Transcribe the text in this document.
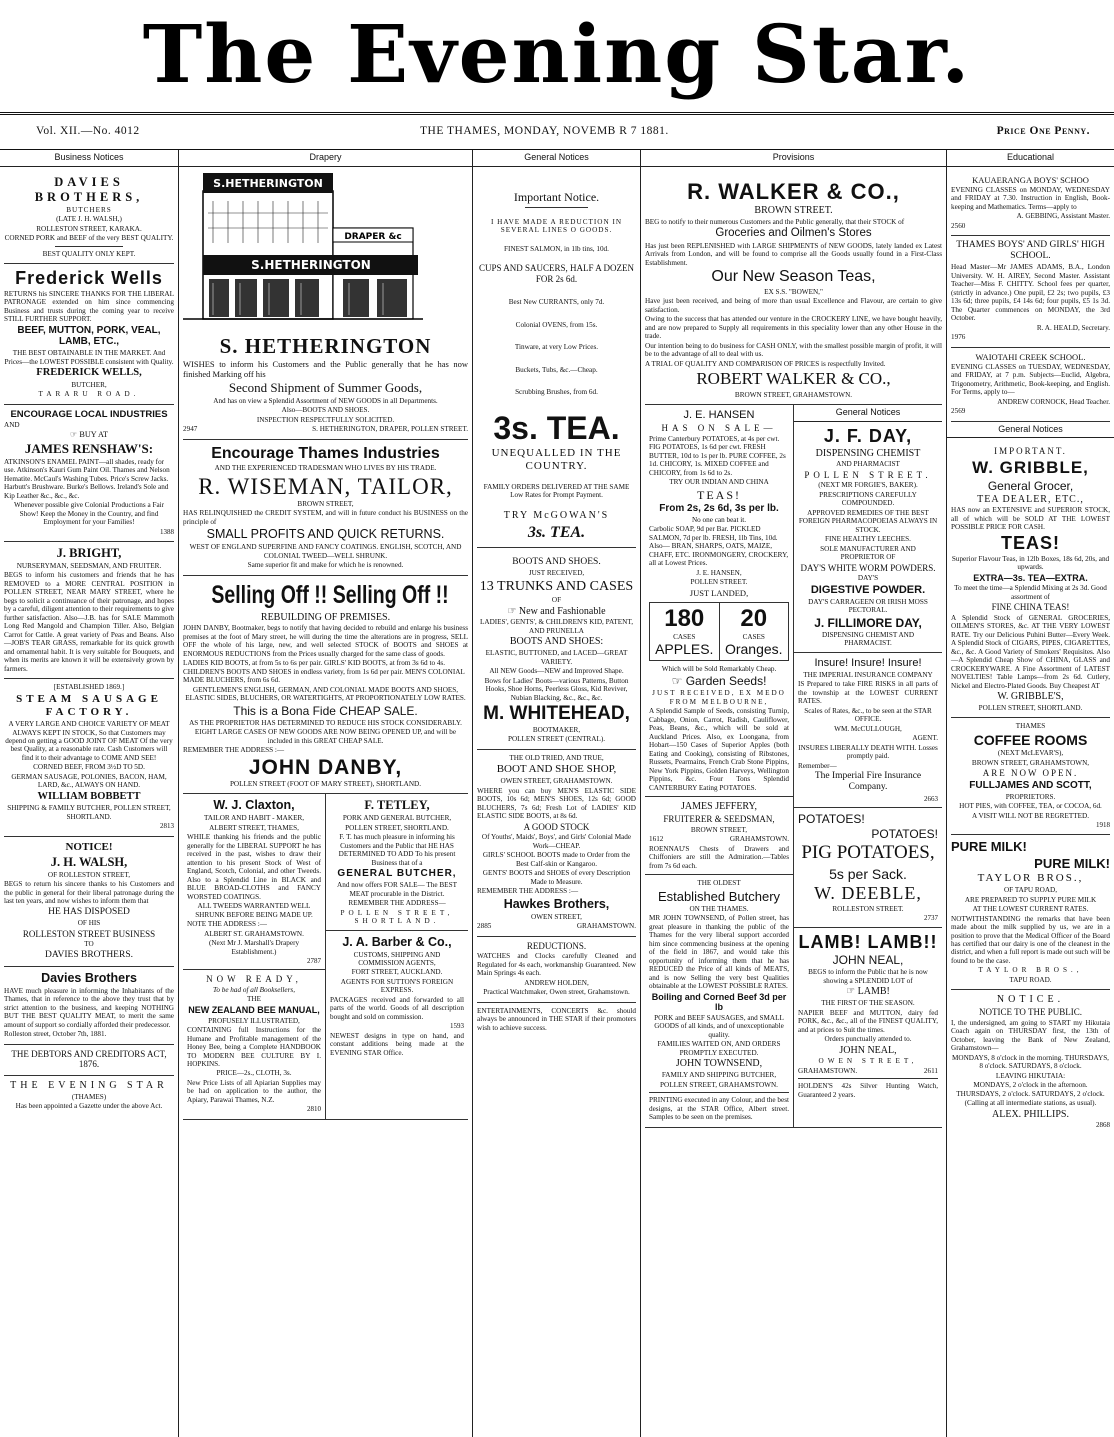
The Evening Star.
Vol. XII.—No. 4012	THE THAMES, MONDAY, NOVEMB R 7 1881.	Price One Penny.
Business Notices

DAVIES BROTHERS,

BUTCHERS

(LATE J. H. WALSH,)

ROLLESTON STREET, KARAKA.

CORNED PORK and BEEF of the very BEST QUALITY.

BEST QUALITY ONLY KEPT.

Frederick Wells

RETURNS his SINCERE THANKS FOR THE LIBERAL PATRONAGE extended on him since commencing Business and trusts during the coming year to receive STILL FURTHER SUPPORT.

BEEF, MUTTON, PORK, VEAL, LAMB, ETC.,

THE BEST OBTAINABLE IN THE MARKET. And Prices—the LOWEST POSSIBLE consistent with Quality.

FREDERICK WELLS,

BUTCHER,

TARARU ROAD.

ENCOURAGE LOCAL INDUSTRIES

AND

☞ BUY AT

JAMES RENSHAW'S:

ATKINSON'S ENAMEL PAINT—all shades, ready for use. Atkinson's Kauri Gum Paint Oil. Thames and Nelson Hematite. McCaul's Washing Tubes. Price's Screw Jacks. Harbutt's Brushware. Burke's Bellows. Ireland's Sole and Kip Leather &c., &c., &c.

Whenever possible give Colonial Productions a Fair Show! Keep the Money in the Country, and find Employment for your Families!

1388

J. BRIGHT,

NURSERYMAN, SEEDSMAN, AND FRUITER.

BEGS to inform his customers and friends that he has REMOVED to a MORE CENTRAL POSITION in POLLEN STREET, NEAR MARY STREET, where he begs to solicit a continuance of their patronage, and hopes by a careful, diligent attention to their requirements to give further satisfaction. Also—J.B. has for SALE Mammoth Long Red Mangold and Champion Tiller. Also, Belgian Carrot for Cattle. A great variety of Peas and Beans. Also—JOB'S TEAR GRASS, remarkable for its quick growth and ornamental habit. It is very suitable for Bouquets, and when its merits are known it will be extensively grown by farmers.

[ESTABLISHED 1869.]

STEAM SAUSAGE FACTORY.

A VERY LARGE AND CHOICE VARIETY OF MEAT ALWAYS KEPT IN STOCK, So that Customers may depend on getting a GOOD JOINT OF MEAT Of the very best Quality, at a reasonable rate. Cash Customers will find it to their advantage to COME AND SEE!

CORNED BEEF, FROM 3½D TO 5D.

GERMAN SAUSAGE, POLONIES, BACON, HAM, LARD, &c., ALWAYS ON HAND.

WILLIAM BOBBETT

SHIPPING & FAMILY BUTCHER, POLLEN STREET, SHORTLAND.

2813

NOTICE!

J. H. WALSH,

OF ROLLESTON STREET,

BEGS to return his sincere thanks to his Customers and the public in general for their liberal patronage during the last ten years, and now wishes to inform them that

HE HAS DISPOSED

OF HIS

ROLLESTON STREET BUSINESS

TO

DAVIES BROTHERS.

Davies Brothers

HAVE much pleasure in informing the Inhabitants of the Thames, that in reference to the above they trust that by strict attention to the business, and keeping NOTHING BUT THE BEST QUALITY MEAT, to merit the same amount of support so cordially afforded their predecessor.

Rolleston street, October 7th, 1881.

THE DEBTORS AND CREDITORS ACT, 1876.

THE EVENING STAR

(THAMES)

Has been appointed a Gazette under the above Act.

Drapery
S.HETHERINGTON
DRAPER &c
S.HETHERINGTON

S. HETHERINGTON

WISHES to inform his Customers and the Public generally that he has now finished Marking off his

Second Shipment of Summer Goods,

And has on view a Splendid Assortment of NEW GOODS in all Departments.

Also—BOOTS AND SHOES.

INSPECTION RESPECTFULLY SOLICITED.

2947	S. HETHERINGTON, DRAPER, POLLEN STREET.

Encourage Thames Industries

AND THE EXPERIENCED TRADESMAN WHO LIVES BY HIS TRADE.

R. WISEMAN, TAILOR,

BROWN STREET,

HAS RELINQUISHED the CREDIT SYSTEM, and will in future conduct his BUSINESS on the principle of

SMALL PROFITS AND QUICK RETURNS.

WEST OF ENGLAND SUPERFINE AND FANCY COATINGS. ENGLISH, SCOTCH, AND COLONIAL TWEED—WELL SHRUNK.

Same superior fit and make for which he is renowned.

Selling Off !! Selling Off !!

REBUILDING OF PREMISES.

JOHN DANBY, Bootmaker, begs to notify that having decided to rebuild and enlarge his business premises at the foot of Mary street, he will during the time the alterations are in progress, SELL OFF the whole of his large, new, and well selected STOCK of BOOTS and SHOES at ENORMOUS REDUCTIONS from the Prices usually charged for the same class of goods.

LADIES KID BOOTS, at from 5s to 6s per pair. GIRLS' KID BOOTS, at from 3s 6d to 4s. CHILDREN'S BOOTS AND SHOES in endless variety, from 1s 6d per pair. MEN'S COLONIAL MADE BLUCHERS, from 6s 6d.

GENTLEMEN'S ENGLISH, GERMAN, AND COLONIAL MADE BOOTS AND SHOES, ELASTIC SIDES, BLUCHERS, OR WATERTIGHTS, AT PROPORTIONATELY LOW RATES.

This is a Bona Fide CHEAP SALE.

AS THE PROPRIETOR HAS DETERMINED TO REDUCE HIS STOCK CONSIDERABLY.

EIGHT LARGE CASES OF NEW GOODS ARE NOW BEING OPENED UP, and will be included in this GREAT CHEAP SALE.

REMEMBER THE ADDRESS :—

JOHN DANBY,

POLLEN STREET (FOOT OF MARY STREET), SHORTLAND.

W. J. Claxton,

TAILOR AND HABIT - MAKER,

ALBERT STREET, THAMES,

WHILE thanking his friends and the public generally for the LIBERAL SUPPORT he has received in the past, wishes to draw their attention to his present Stock of West of England, Scotch, Colonial, and other Tweeds. Also to a Splendid Line in BLACK and BLUE BROAD-CLOTHS and FANCY WORSTED COATINGS.

ALL TWEEDS WARRANTED WELL SHRUNK BEFORE BEING MADE UP.

NOTE THE ADDRESS :—

ALBERT ST. GRAHAMSTOWN.

(Next Mr J. Marshall's Drapery Establishment.)

2787

NOW READY,

To be had of all Booksellers,

THE

NEW ZEALAND BEE MANUAL,

PROFUSELY ILLUSTRATED,

CONTAINING full Instructions for the Humane and Profitable management of the Honey Bee, being a Complete HANDBOOK TO MODERN BEE CULTURE BY I. HOPKINS.

PRICE—2s., CLOTH, 3s.

New Price Lists of all Apiarian Supplies may be had on application to the author, the Apiary, Parawai Thames, N.Z.

2810

F. TETLEY,

PORK AND GENERAL BUTCHER,

POLLEN STREET, SHORTLAND.

F. T. has much pleasure in informing his Customers and the Public that HE HAS DETERMINED TO ADD To his present Business that of a

GENERAL BUTCHER,

And now offers FOR SALE— The BEST MEAT procurable in the District.

REMEMBER THE ADDRESS—

POLLEN STREET, SHORTLAND.

J. A. Barber & Co.,

CUSTOMS, SHIPPING AND COMMISSION AGENTS,

FORT STREET, AUCKLAND.

AGENTS FOR SUTTON'S FOREIGN EXPRESS.

PACKAGES received and forwarded to all parts of the world. Goods of all description bought and sold on commission.

1593

NEWEST designs in type on hand, and constant additions being made at the EVENING STAR Office.

General Notices

Important Notice.

I HAVE MADE A REDUCTION IN SEVERAL LINES O GOODS.

FINEST SALMON, in 1lb tins, 10d.

CUPS AND SAUCERS, HALF A DOZEN FOR 2s 6d.

Best New CURRANTS, only 7d.

Colonial OVENS, from 15s.

Tinware, at very Low Prices.

Buckets, Tubs, &c.—Cheap.

Scrubbing Brushes, from 6d.

3s. TEA.

UNEQUALLED IN THE COUNTRY.

FAMILY ORDERS DELIVERED AT THE SAME Low Rates for Prompt Payment.

TRY McGOWAN'S

3s. TEA.

BOOTS AND SHOES.

JUST RECEIVED,

13 TRUNKS AND CASES

OF

☞ New and Fashionable

LADIES', GENTS', & CHILDREN'S KID, PATENT, AND PRUNELLA

BOOTS AND SHOES:

ELASTIC, BUTTONED, and LACED—GREAT VARIETY.

All NEW Goods—NEW and Improved Shape.

Bows for Ladies' Boots—various Patterns, Button Hooks, Shoe Horns, Peerless Gloss, Kid Reviver, Nubian Blacking, &c., &c., &c.

M. WHITEHEAD,

BOOTMAKER,

POLLEN STREET (CENTRAL).

THE OLD TRIED, AND TRUE,

BOOT AND SHOE SHOP,

OWEN STREET, GRAHAMSTOWN.

WHERE you can buy MEN'S ELASTIC SIDE BOOTS, 10s 6d; MEN'S SHOES, 12s 6d; GOOD BLUCHERS, 7s 6d; Fresh Lot of LADIES' KID ELASTIC SIDE BOOTS, at 8s 6d.

A GOOD STOCK

Of Youths', Maids', Boys', and Girls' Colonial Made Work—CHEAP.

GIRLS' SCHOOL BOOTS made to Order from the Best Calf-skin or Kangaroo.

GENTS' BOOTS and SHOES of every Description Made to Measure.

REMEMBER THE ADDRESS :—

Hawkes Brothers,

OWEN STREET,

2885	GRAHAMSTOWN.

REDUCTIONS.

WATCHES and Clocks carefully Cleaned and Regulated for 4s each, workmanship Guaranteed. New Main Springs 4s each.

ANDREW HOLDEN,

Practical Watchmaker, Owen street, Grahamstown.

ENTERTAINMENTS, CONCERTS &c. should always be announced in THE STAR if their promoters wish to achieve success.

Provisions

R. WALKER & CO.,

BROWN STREET.

BEG to notify to their numerous Customers and the Public generally, that their STOCK of

Groceries and Oilmen's Stores

Has just been REPLENISHED with LARGE SHIPMENTS of NEW GOODS, lately landed ex Latest Arrivals from London, and will be found to comprise all the Goods usually found in a First-Class Establishment.

Our New Season Teas,

EX S.S. "BOWEN,"

Have just been received, and being of more than usual Excellence and Flavour, are certain to give satisfaction.

Owing to the success that has attended our venture in the CROCKERY LINE, we have bought heavily, and are now prepared to Supply all requirements in this speciality lower than any other House in the trade.

Our intention being to do business for CASH ONLY, with the smallest possible margin of profit, it will be to the advantage of all to deal with us.

A TRIAL OF QUALITY AND COMPARISON OF PRICES is respectfully Invited.

ROBERT WALKER & CO.,

BROWN STREET, GRAHAMSTOWN.

J. E. HANSEN

HAS ON SALE—

Prime Canterbury POTATOES, at 4s per cwt. FIG POTATOES, 1s 6d per cwt. FRESH BUTTER, 10d to 1s per lb. PURE COFFEE, 2s 1d. CHICORY, 1s. MIXED COFFEE and CHICORY, from 1s 6d to 2s.

TRY OUR INDIAN AND CHINA

TEAS!

From 2s, 2s 6d, 3s per lb.

No one can beat it.

Carbolic SOAP, 9d per Bar. PICKLED SALMON, 7d per lb. FRESH, 1lb Tins, 10d. Also— BRAN, SHARPS, OATS, MAIZE, CHAFF, ETC. IRONMONGERY, CROCKERY, all at Lowest Prices.

J. E. HANSEN,

POLLEN STREET.

JUST LANDED,

180
CASES
APPLES.
20
CASES
Oranges.

Which will be Sold Remarkably Cheap.

☞ Garden Seeds!

JUST RECEIVED, EX MEDO FROM MELBOURNE,

A Splendid Sample of Seeds, consisting Turnip, Cabbage, Onion, Carrot, Radish, Cauliflower, Peas, Beans, &c., which will be sold at Auckland Prices. Also, ex Loongana, from Hobart—150 Cases of Superior Apples (both Eating and Cooking), consisting of Ribstones, Russets, Pearmains, French Crab Stone Pippins, New York Pippins, Golden Harveys, Wellington Pippins, &c. Four Tons Splendid CANTERBURY Eating POTATOES.

JAMES JEFFERY,

FRUITERER & SEEDSMAN,

BROWN STREET,

1612	GRAHAMSTOWN.

ROENNAU'S Chests of Drawers and Chiffoniers are still the Admiration.—Tables from 7s 6d each.

THE OLDEST

Established Butchery

ON THE THAMES.

MR JOHN TOWNSEND, of Pollen street, has great pleasure in thanking the public of the Thames for the very liberal support accorded him since commencing business at the opening of the field in 1867, and would take this opportunity of informing them that he has REDUCED the Price of all kinds of MEATS, and is now Selling the very best Qualities obtainable at the LOWEST POSSIBLE RATES.

Boiling and Corned Beef 3d per lb

PORK and BEEF SAUSAGES, and SMALL GOODS of all kinds, and of unexceptionable quality.

FAMILIES WAITED ON, AND ORDERS PROMPTLY EXECUTED.

JOHN TOWNSEND,

FAMILY AND SHIPPING BUTCHER,

POLLEN STREET, GRAHAMSTOWN.

PRINTING executed in any Colour, and the best designs, at the STAR Office, Albert street. Samples to be seen on the premises.

General Notices

J. F. DAY,

DISPENSING CHEMIST

AND PHARMACIST

POLLEN STREET.

(NEXT MR FORGIE'S, BAKER).

PRESCRIPTIONS CAREFULLY COMPOUNDED.

APPROVED REMEDIES OF THE BEST FOREIGN PHARMACOPOEIAS ALWAYS IN STOCK.

FINE HEALTHY LEECHES.

SOLE MANUFACTURER AND PROPRIETOR OF

DAY'S WHITE WORM POWDERS.

DAY'S

DIGESTIVE POWDER.

DAY'S CARRAGEEN OR IRISH MOSS PECTORAL.

J. FILLIMORE DAY,

DISPENSING CHEMIST AND PHARMACIST.

Insure! Insure! Insure!

THE IMPERIAL INSURANCE COMPANY

IS Prepared to take FIRE RISKS in all parts of the township at the LOWEST CURRENT RATES.

Scales of Rates, &c., to be seen at the STAR OFFICE.

WM. McCULLOUGH,

AGENT.

INSURES LIBERALLY DEATH WITH. Losses promptly paid.

Remember—

The Imperial Fire Insurance Company.

2663

POTATOES!

POTATOES!

PIG POTATOES,

5s per Sack.

W. DEEBLE,

ROLLESTON STREET.

2737

LAMB! LAMB!!

JOHN NEAL,

BEGS to inform the Public that he is now showing a SPLENDID LOT of

☞ LAMB!

THE FIRST OF THE SEASON.

NAPIER BEEF and MUTTON, dairy fed PORK, &c., &c., all of the FINEST QUALITY, and at prices to Suit the times.

Orders punctually attended to.

JOHN NEAL,

OWEN STREET,

GRAHAMSTOWN.	2611

HOLDEN'S 42s Silver Hunting Watch, Guaranteed 2 years.

Educational

KAUAERANGA BOYS' SCHOO

EVENING CLASSES on MONDAY, WEDNESDAY and FRIDAY at 7.30. Instruction in English, Book-keeping and Mathematics. Terms—apply to

A. GEBBING, Assistant Master.

2560

THAMES BOYS' AND GIRLS' HIGH SCHOOL.

Head Master—Mr JAMES ADAMS, B.A., London University. W. H. AIREY, Second Master. Assistant Teacher—Miss F. CHITTY. School fees per quarter, (strictly in advance.) One pupil, £2 2s; two pupils, £3 13s 6d; three pupils, £4 14s 6d; four pupils, £5 1s 3d. The Quarter commences on MONDAY, the 3rd October.

R. A. HEALD, Secretary.

1976

WAIOTAHI CREEK SCHOOL.

EVENING CLASSES on TUESDAY, WEDNESDAY, and FRIDAY, at 7 p.m. Subjects—Euclid, Algebra, Trigonometry, Arithmetic, Book-keeping, and English. For Terms, apply to—

ANDREW CORNOCK, Head Teacher.

2569

General Notices

IMPORTANT.

W. GRIBBLE,

General Grocer,

TEA DEALER, ETC.,

HAS now an EXTENSIVE and SUPERIOR STOCK, all of which will be SOLD AT THE LOWEST POSSIBLE PRICE FOR CASH.

TEAS!

Superior Flavour Teas, in 12lb Boxes, 18s 6d, 20s, and upwards.

EXTRA—3s. TEA—EXTRA.

To meet the time—a Splendid Mixing at 2s 3d. Good assortment of

FINE CHINA TEAS!

A Splendid Stock of GENERAL GROCERIES, OILMEN'S STORES, &c. AT THE VERY LOWEST RATE. Try our Delicious Puhini Butter—Every Week. A Splendid Stock of CIGARS, PIPES, CIGARETTES, &c., &c. A Good Variety of Smokers' Requisites. Also—A Splendid Cheap Show of CHINA, GLASS and CROCKERYWARE. A Fine Assortment of LATEST NOVELTIES! Table Lamps—from 2s 6d. Cutlery, Nickel and Electro-Plated Goods. Buy Cheapest AT

W. GRIBBLE'S,

POLLEN STREET, SHORTLAND.

THAMES

COFFEE ROOMS

(NEXT McLEVAR'S),

BROWN STREET, GRAHAMSTOWN,

ARE NOW OPEN.

FULLJAMES AND SCOTT,

PROPRIETORS.

HOT PIES, with COFFEE, TEA, or COCOA, 6d.

A VISIT WILL NOT BE REGRETTED.

1918

PURE MILK!

PURE MILK!

TAYLOR BROS.,

OF TAPU ROAD,

ARE PREPARED TO SUPPLY PURE MILK

AT THE LOWEST CURRENT RATES.

NOTWITHSTANDING the remarks that have been made about the milk supplied by us, we are in a position to prove that the Medical Officer of the Board has certified that our dairy is one of the cleanest in the district, and when a full report is made out such will be found to be the case.

TAYLOR BROS.,

TAPU ROAD.

NOTICE.

NOTICE TO THE PUBLIC.

I, the undersigned, am going to START my Hikutaia Coach again on THURSDAY first, the 13th of October, leaving the Bank of New Zealand, Grahamstown—

MONDAYS, 8 o'clock in the morning. THURSDAYS, 8 o'clock. SATURDAYS, 8 o'clock.

LEAVING HIKUTAIA:

MONDAYS, 2 o'clock in the afternoon. THURSDAYS, 2 o'clock. SATURDAYS, 2 o'clock.

(Calling at all intermediate stations, as usual).

ALEX. PHILLIPS.

2868
